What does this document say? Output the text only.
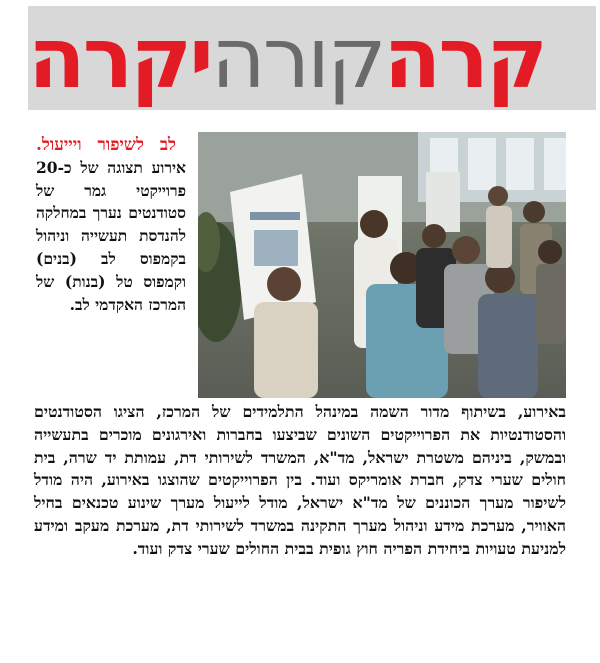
קרה
קורה
יקרה
לב לשיפור ויייעול. אירוע תצוגה של כ-20 פרוייקטי גמר של סטודנטים נערך במחלקה להנדסת תעשייה וניהול בקמפוס לב (בנים) וקמפוס טל (בנות) של המרכז האקדמי לב.
באירוע, בשיתוף מדור השמה במינהל התלמידים של המרכז, הציגו הסטודנטים והסטודנטיות את הפרוייקטים השונים שביצעו בחברות ואירגונים מוכרים בתעשייה ובמשק, ביניהם משטרת ישראל, מד"א, המשרד לשירותי דת, עמותת יד שרה, בית חולים שערי צדק, חברת אומריקס ועוד. בין הפרוייקטים שהוצגו באירוע, היה מודל לשיפור מערך הכוננים של מד"א ישראל, מודל לייעול מערך שינוע טכנאים בחיל האוויר, מערכת מידע וניהול מערך התקינה במשרד לשירותי דת, מערכת מעקב ומידע למניעת טעויות ביחידת הפריה חוץ גופית בבית החולים שערי צדק ועוד.
